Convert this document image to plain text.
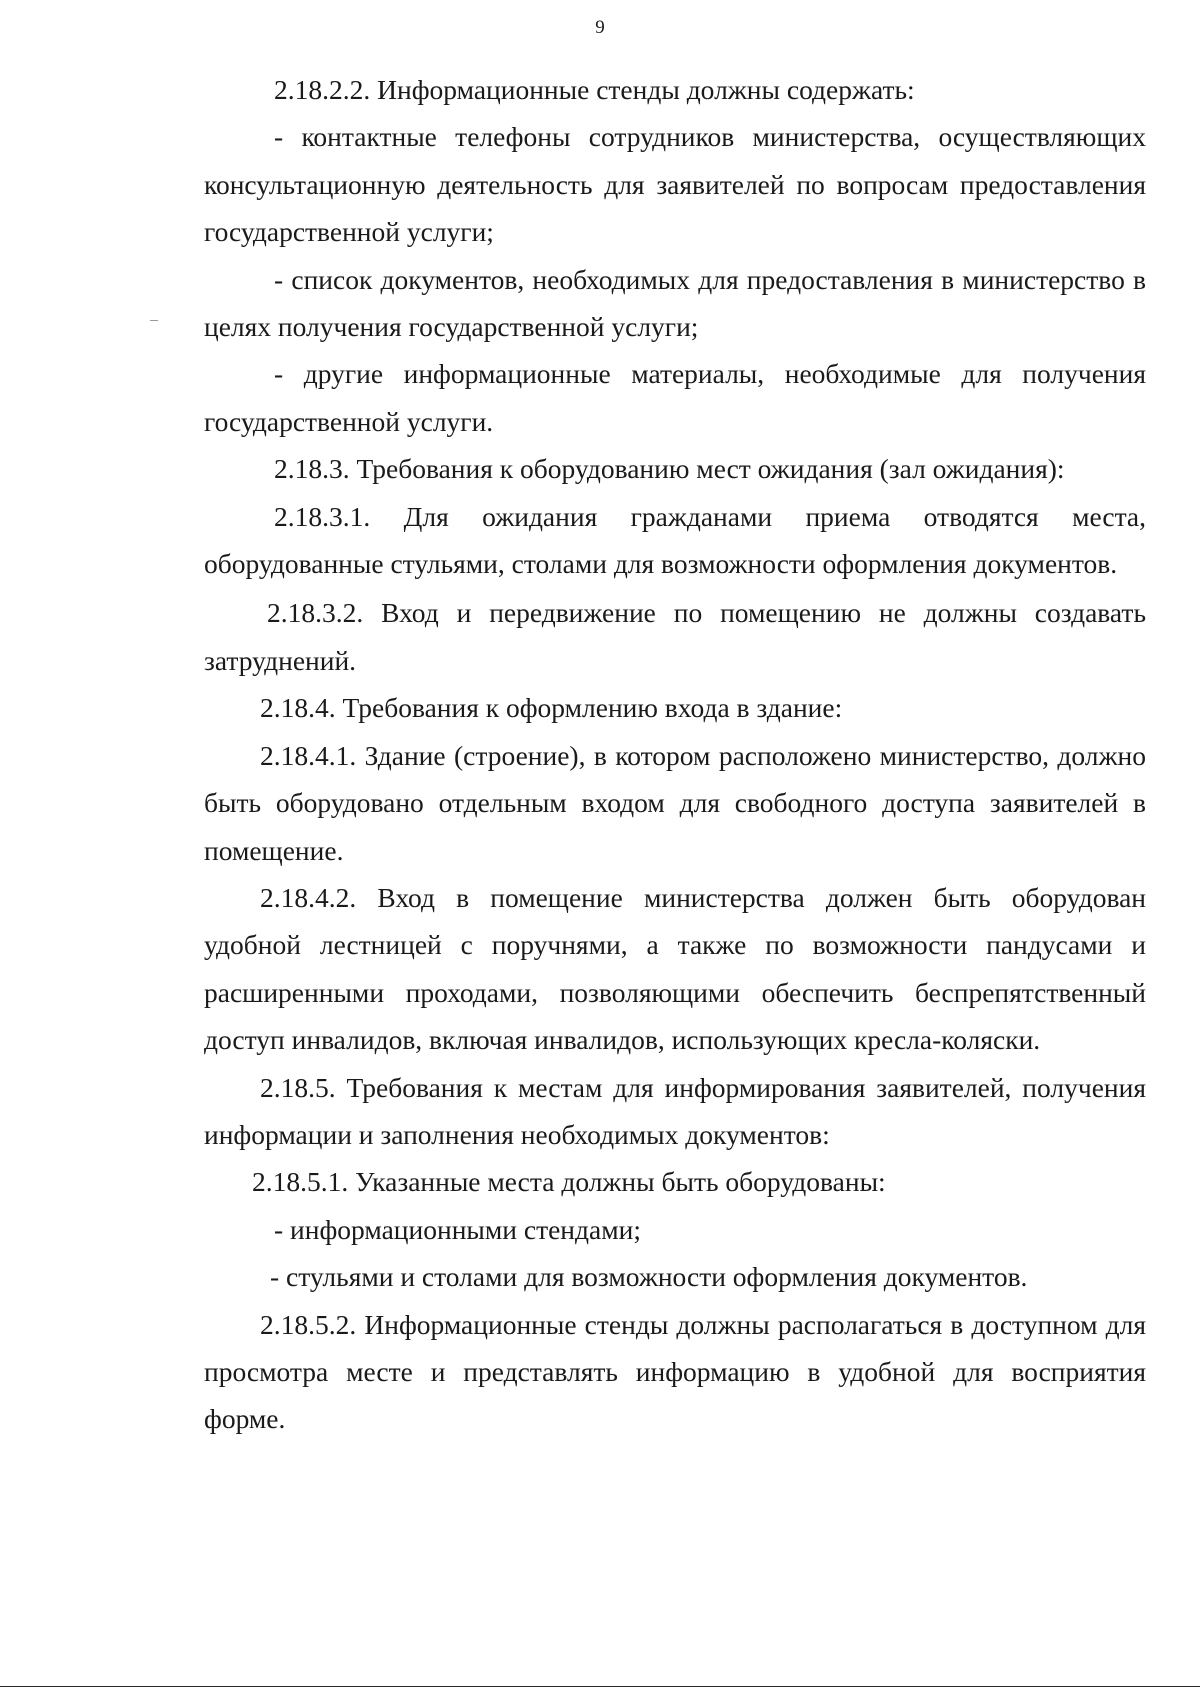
9

2.18.2.2. Информационные стенды должны содержать:

- контактные телефоны сотрудников министерства, осуществляющих консультационную деятельность для заявителей по вопросам предоставления государственной услуги;

- список документов, необходимых для предоставления в министерство в целях получения государственной услуги;

- другие информационные материалы, необходимые для получения государственной услуги.

2.18.3. Требования к оборудованию мест ожидания (зал ожидания):

2.18.3.1. Для ожидания гражданами приема отводятся места, оборудованные стульями, столами для возможности оформления документов.

2.18.3.2. Вход и передвижение по помещению не должны создавать затруднений.

2.18.4. Требования к оформлению входа в здание:

2.18.4.1. Здание (строение), в котором расположено министерство, должно быть оборудовано отдельным входом для свободного доступа заявителей в помещение.

2.18.4.2. Вход в помещение министерства должен быть оборудован удобной лестницей с поручнями, а также по возможности пандусами и расширенными проходами, позволяющими обеспечить беспрепятственный доступ инвалидов, включая инвалидов, использующих кресла-коляски.

2.18.5. Требования к местам для информирования заявителей, получения информации и заполнения необходимых документов:

2.18.5.1. Указанные места должны быть оборудованы:

- информационными стендами;

- стульями и столами для возможности оформления документов.

2.18.5.2. Информационные стенды должны располагаться в доступном для просмотра месте и представлять информацию в удобной для восприятия форме.
